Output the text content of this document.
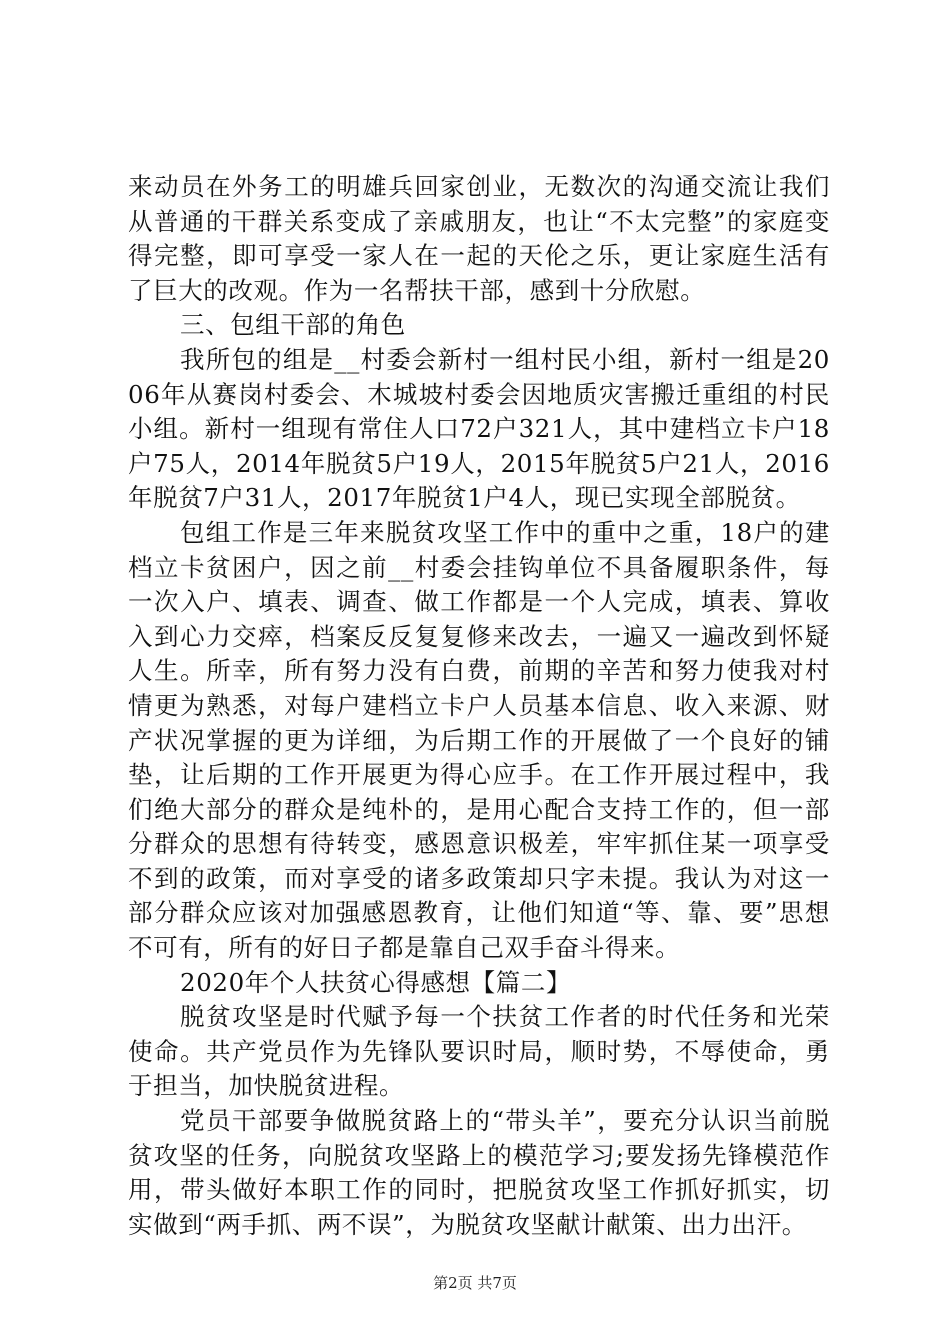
来动员在外务工的明雄兵回家创业，无数次的沟通交流让我们从普通的干群关系变成了亲戚朋友，也让“不太完整”的家庭变得完整，即可享受一家人在一起的天伦之乐，更让家庭生活有了巨大的改观。作为一名帮扶干部，感到十分欣慰。

三、包组干部的角色

我所包的组是__村委会新村一组村民小组，新村一组是2006年从赛岗村委会、木城坡村委会因地质灾害搬迁重组的村民小组。新村一组现有常住人口72户321人，其中建档立卡户18户75人，2014年脱贫5户19人，2015年脱贫5户21人，2016年脱贫7户31人，2017年脱贫1户4人，现已实现全部脱贫。

包组工作是三年来脱贫攻坚工作中的重中之重，18户的建档立卡贫困户，因之前__村委会挂钩单位不具备履职条件，每一次入户、填表、调查、做工作都是一个人完成，填表、算收入到心力交瘁，档案反反复复修来改去，一遍又一遍改到怀疑人生。所幸，所有努力没有白费，前期的辛苦和努力使我对村情更为熟悉，对每户建档立卡户人员基本信息、收入来源、财产状况掌握的更为详细，为后期工作的开展做了一个良好的铺垫，让后期的工作开展更为得心应手。在工作开展过程中，我们绝大部分的群众是纯朴的，是用心配合支持工作的，但一部分群众的思想有待转变，感恩意识极差，牢牢抓住某一项享受不到的政策，而对享受的诸多政策却只字未提。我认为对这一部分群众应该对加强感恩教育，让他们知道“等、靠、要”思想不可有，所有的好日子都是靠自己双手奋斗得来。

2020年个人扶贫心得感想【篇二】

脱贫攻坚是时代赋予每一个扶贫工作者的时代任务和光荣使命。共产党员作为先锋队要识时局，顺时势，不辱使命，勇于担当，加快脱贫进程。

党员干部要争做脱贫路上的“带头羊”，要充分认识当前脱贫攻坚的任务，向脱贫攻坚路上的模范学习;要发扬先锋模范作用，带头做好本职工作的同时，把脱贫攻坚工作抓好抓实，切实做到“两手抓、两不误”，为脱贫攻坚献计献策、出力出汗。

第2页 共7页
